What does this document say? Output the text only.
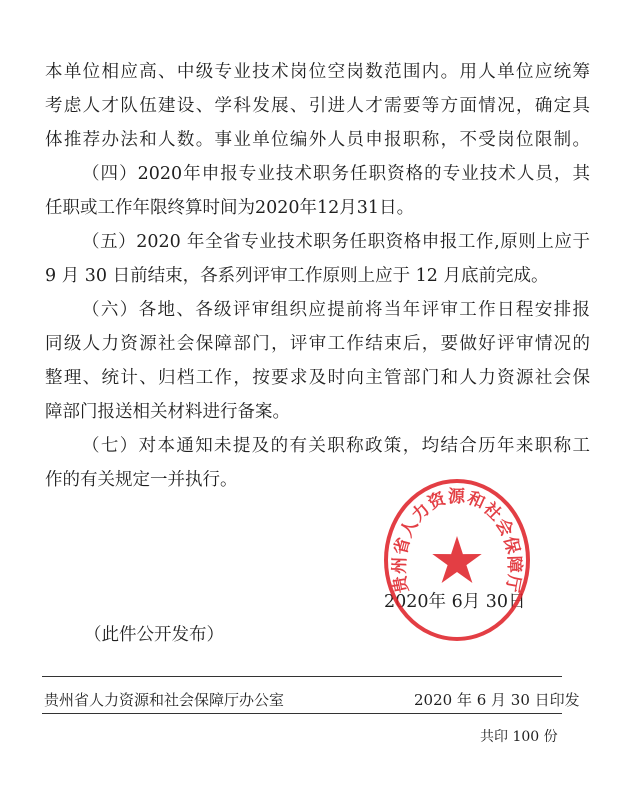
本单位相应高、中级专业技术岗位空岗数范围内。用人单位应统筹
考虑人才队伍建设、学科发展、引进人才需要等方面情况，确定具
体推荐办法和人数。事业单位编外人员申报职称，不受岗位限制。
（四）2020年申报专业技术职务任职资格的专业技术人员，其
任职或工作年限终算时间为2020年12月31日。
（五）2020 年全省专业技术职务任职资格申报工作,原则上应于
9 月 30 日前结束，各系列评审工作原则上应于 12 月底前完成。
（六）各地、各级评审组织应提前将当年评审工作日程安排报
同级人力资源社会保障部门，评审工作结束后，要做好评审情况的
整理、统计、归档工作，按要求及时向主管部门和人力资源社会保
障部门报送相关材料进行备案。
（七）对本通知未提及的有关职称政策，均结合历年来职称工
作的有关规定一并执行。
2020年 6月 30日
贵州省人力资源和社会保障厅
（此件公开发布）
贵州省人力资源和社会保障厅办公室	2020 年 6 月 30 日印发
共印 100 份
